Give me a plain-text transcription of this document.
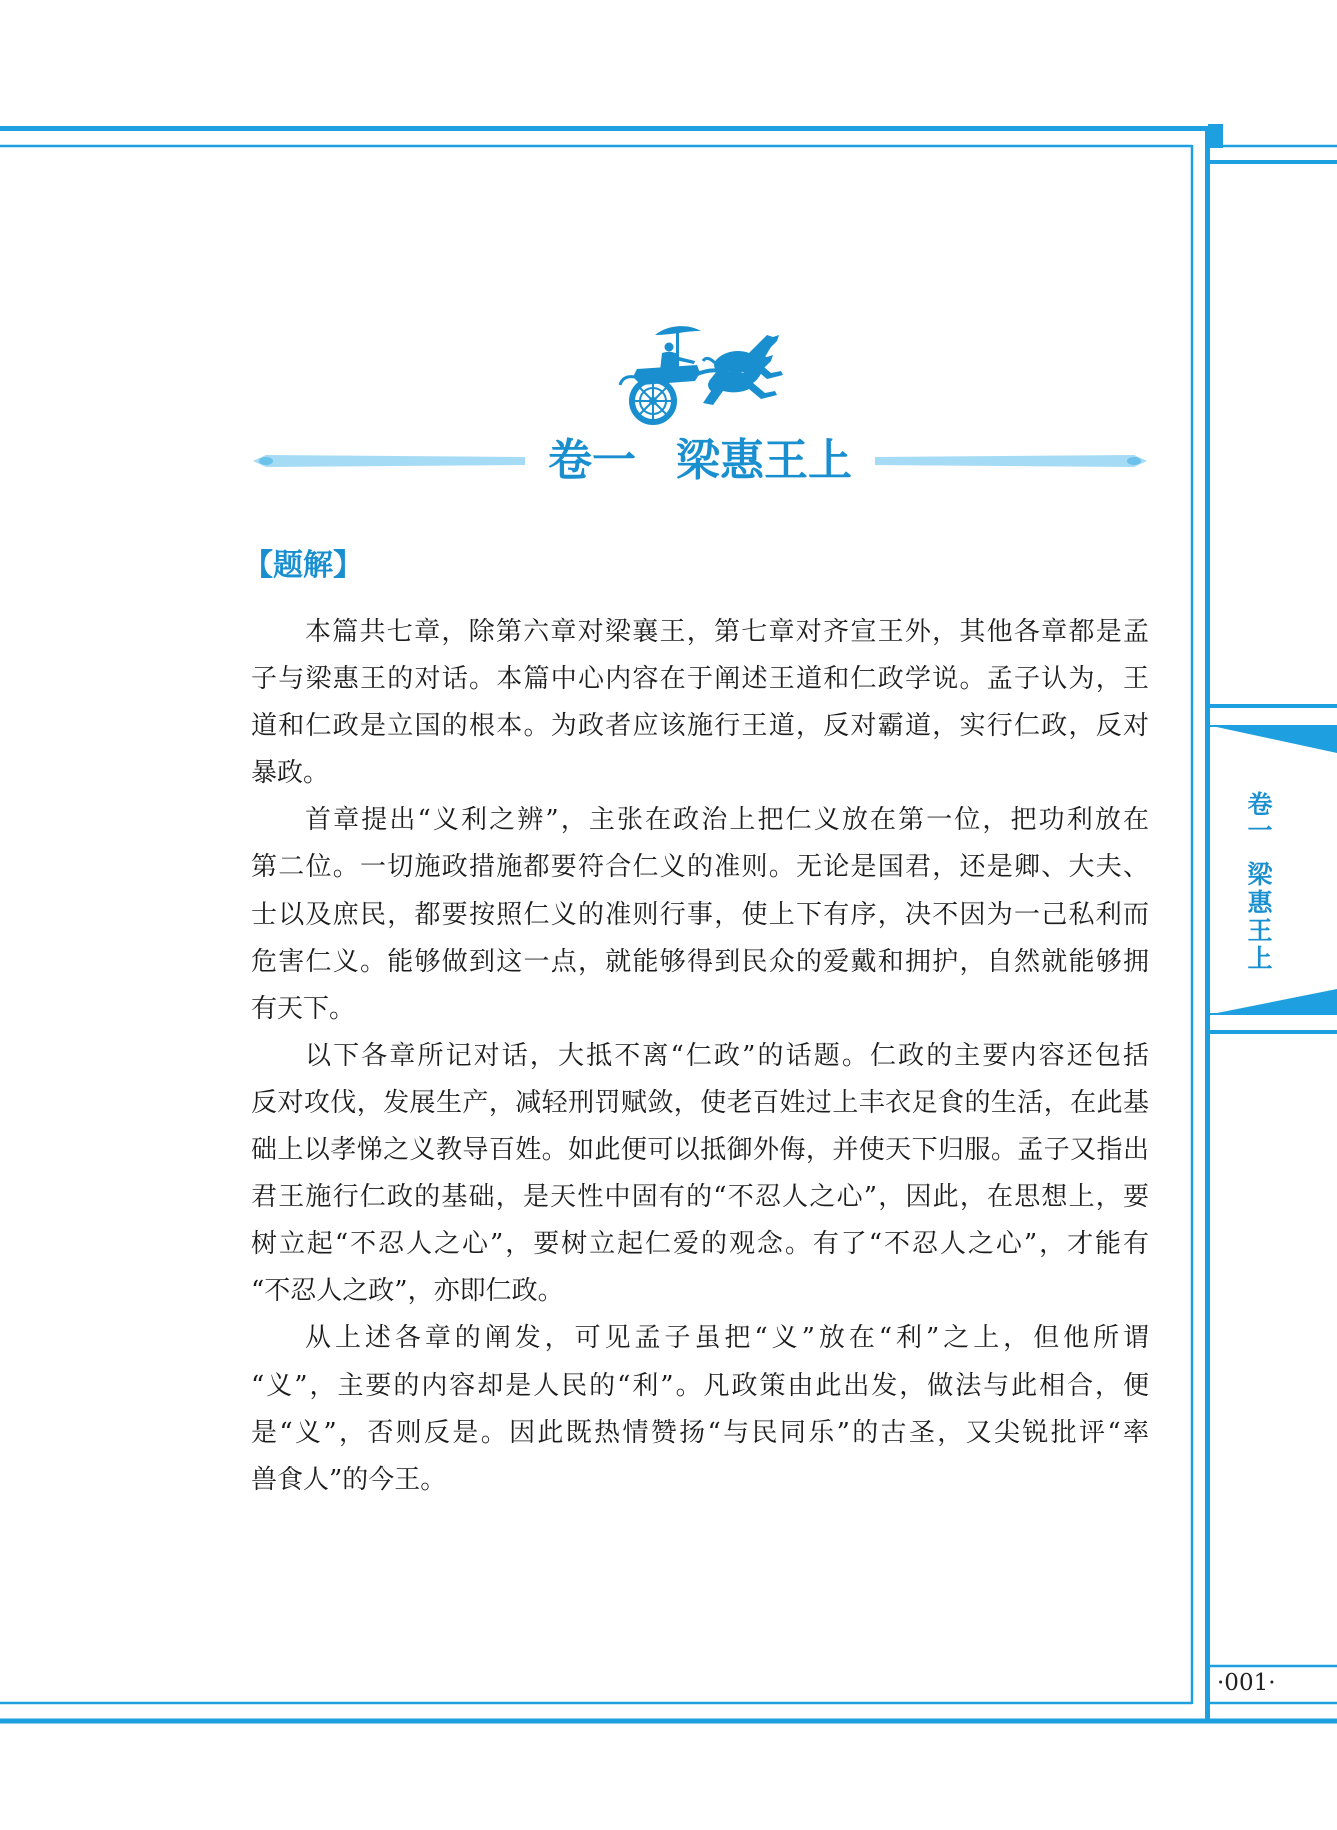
卷一 梁惠王上
【题解】
本篇共七章，除第六章对梁襄王，第七章对齐宣王外，其他各章都是孟
子与梁惠王的对话。本篇中心内容在于阐述王道和仁政学说。孟子认为，王
道和仁政是立国的根本。为政者应该施行王道，反对霸道，实行仁政，反对
暴政。
首章提出“义利之辨”，主张在政治上把仁义放在第一位，把功利放在
第二位。一切施政措施都要符合仁义的准则。无论是国君，还是卿、大夫、
士以及庶民，都要按照仁义的准则行事，使上下有序，决不因为一己私利而
危害仁义。能够做到这一点，就能够得到民众的爱戴和拥护，自然就能够拥
有天下。
以下各章所记对话，大抵不离“仁政”的话题。仁政的主要内容还包括
反对攻伐，发展生产，减轻刑罚赋敛，使老百姓过上丰衣足食的生活，在此基
础上以孝悌之义教导百姓。如此便可以抵御外侮，并使天下归服。孟子又指出
君王施行仁政的基础，是天性中固有的“不忍人之心”，因此，在思想上，要
树立起“不忍人之心”，要树立起仁爱的观念。有了“不忍人之心”，才能有
“不忍人之政”，亦即仁政。
从上述各章的阐发，可见孟子虽把“义”放在“利”之上，但他所谓
“义”，主要的内容却是人民的“利”。凡政策由此出发，做法与此相合，便
是“义”，否则反是。因此既热情赞扬“与民同乐”的古圣，又尖锐批评“率
兽食人”的今王。
卷一
梁惠王上
·001·
